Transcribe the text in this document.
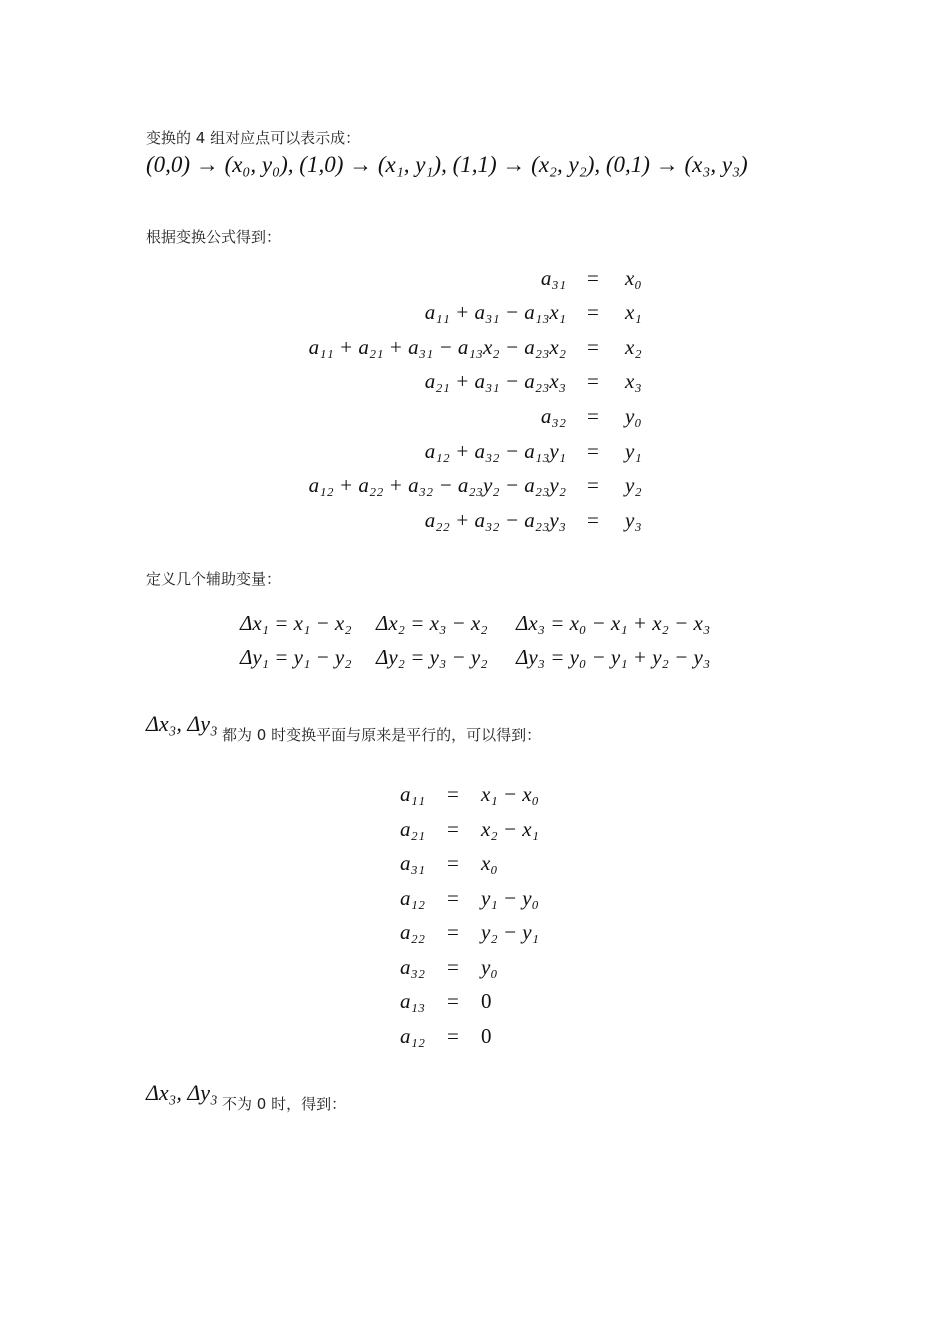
变换的 4 组对应点可以表示成：
(0,0) → (x₀, y₀), (1,0) → (x₁, y₁), (1,1) → (x₂, y₂), (0,1) → (x₃, y₃)
根据变换公式得到：
a₃₁ = x₀
a₁₁ + a₃₁ − a₁₃x₁ = x₁
a₁₁ + a₂₁ + a₃₁ − a₁₃x₂ − a₂₃x₂ = x₂
a₂₁ + a₃₁ − a₂₃x₃ = x₃
a₃₂ = y₀
a₁₂ + a₃₂ − a₁₃y₁ = y₁
a₁₂ + a₂₂ + a₃₂ − a₂₃y₂ − a₂₃y₂ = y₂
a₂₂ + a₃₂ − a₂₃y₃ = y₃
定义几个辅助变量：
Δx₁ = x₁ − x₂ Δx₂ = x₃ − x₂ Δx₃ = x₀ − x₁ + x₂ − x₃
Δy₁ = y₁ − y₂ Δy₂ = y₃ − y₂ Δy₃ = y₀ − y₁ + y₂ − y₃
Δx₃, Δy₃ 都为 0 时变换平面与原来是平行的，可以得到：
a₁₁ = x₁ − x₀
a₂₁ = x₂ − x₁
a₃₁ = x₀
a₁₂ = y₁ − y₀
a₂₂ = y₂ − y₁
a₃₂ = y₀
a₁₃ = 0
a₁₂ = 0
Δx₃, Δy₃ 不为 0 时，得到：
